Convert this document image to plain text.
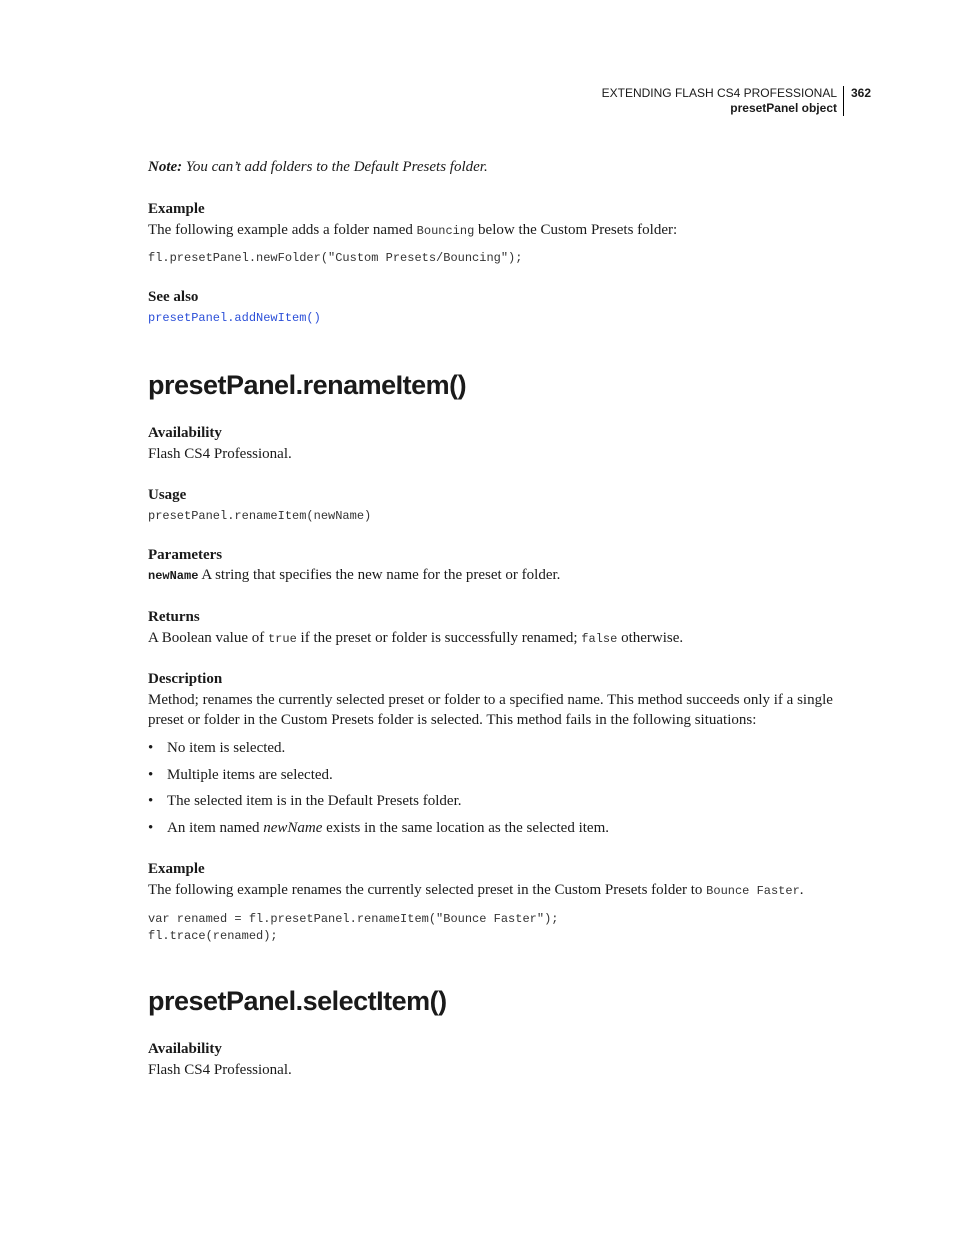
EXTENDING FLASH CS4 PROFESSIONAL
presetPanel object
362
Note: You can’t add folders to the Default Presets folder.
Example
The following example adds a folder named Bouncing below the Custom Presets folder:
fl.presetPanel.newFolder("Custom Presets/Bouncing");
See also
presetPanel.addNewItem()
presetPanel.renameItem()
Availability
Flash CS4 Professional.
Usage
presetPanel.renameItem(newName)
Parameters
newName A string that specifies the new name for the preset or folder.
Returns
A Boolean value of true if the preset or folder is successfully renamed; false otherwise.
Description
Method; renames the currently selected preset or folder to a specified name. This method succeeds only if a single
preset or folder in the Custom Presets folder is selected. This method fails in the following situations:
• No item is selected.
• Multiple items are selected.
• The selected item is in the Default Presets folder.
• An item named newName exists in the same location as the selected item.
Example
The following example renames the currently selected preset in the Custom Presets folder to Bounce Faster.
var renamed = fl.presetPanel.renameItem("Bounce Faster");
fl.trace(renamed);
presetPanel.selectItem()
Availability
Flash CS4 Professional.
